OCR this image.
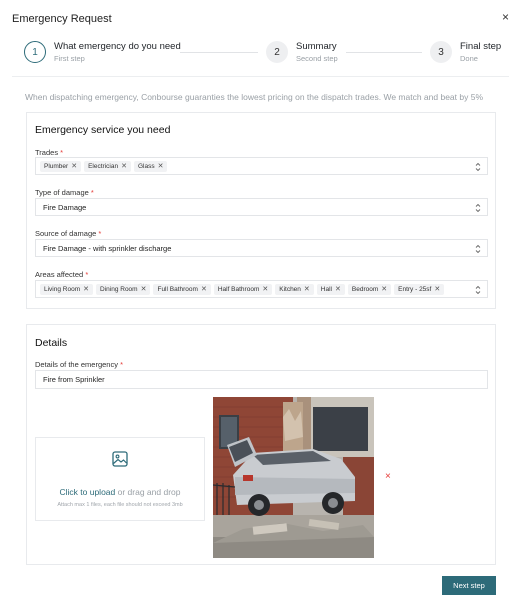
Emergency Request	×
1	What emergency do you need
First step
2	Summary
Second step
3	Final step
Done
When dispatching emergency, Conbourse guaranties the lowest pricing on the dispatch trades. We match and beat by 5%
Emergency service you need
Trades *
Plumber ✕ Electrician ✕ Glass ✕
Type of damage *
Fire Damage
Source of damage *
Fire Damage - with sprinkler discharge
Areas affected *
Living Room ✕ Dining Room ✕ Full Bathroom ✕ Half Bathroom ✕ Kitchen ✕ Hall ✕ Bedroom ✕ Entry - 25sf ✕
Details
Details of the emergency *
Fire from Sprinkler
Click to upload or drag and drop
Attach max 1 files, each file should not exceed 3mb
×
Next step
